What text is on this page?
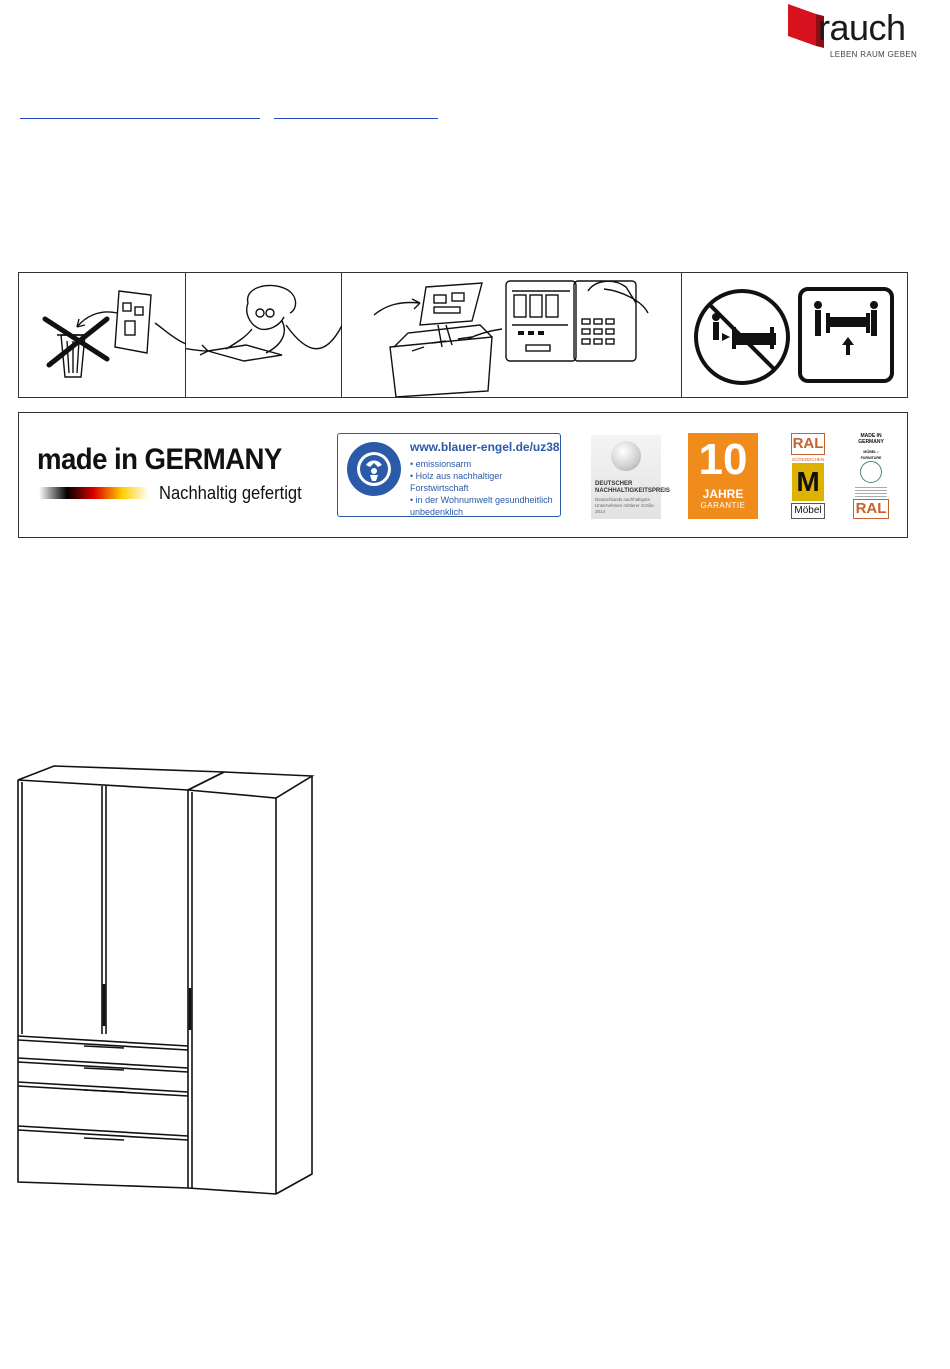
rauch
LEBEN RAUM GEBEN
made in GERMANY
Nachhaltig gefertigt
www.blauer-engel.de/uz38
• emissionsarm
• Holz aus nachhaltiger Forstwirtschaft
• in der Wohnumwelt gesundheitlich unbedenklich
DEUTSCHER NACHHALTIGKEITSPREIS
Deutschlands nachhaltigste Unternehmen mittlerer Größe 2014
10
JAHRE
GARANTIE
RAL
GÜTEZEICHEN
M
Möbel
MADE IN GERMANY
MÖBEL • FURNITURE
RAL
